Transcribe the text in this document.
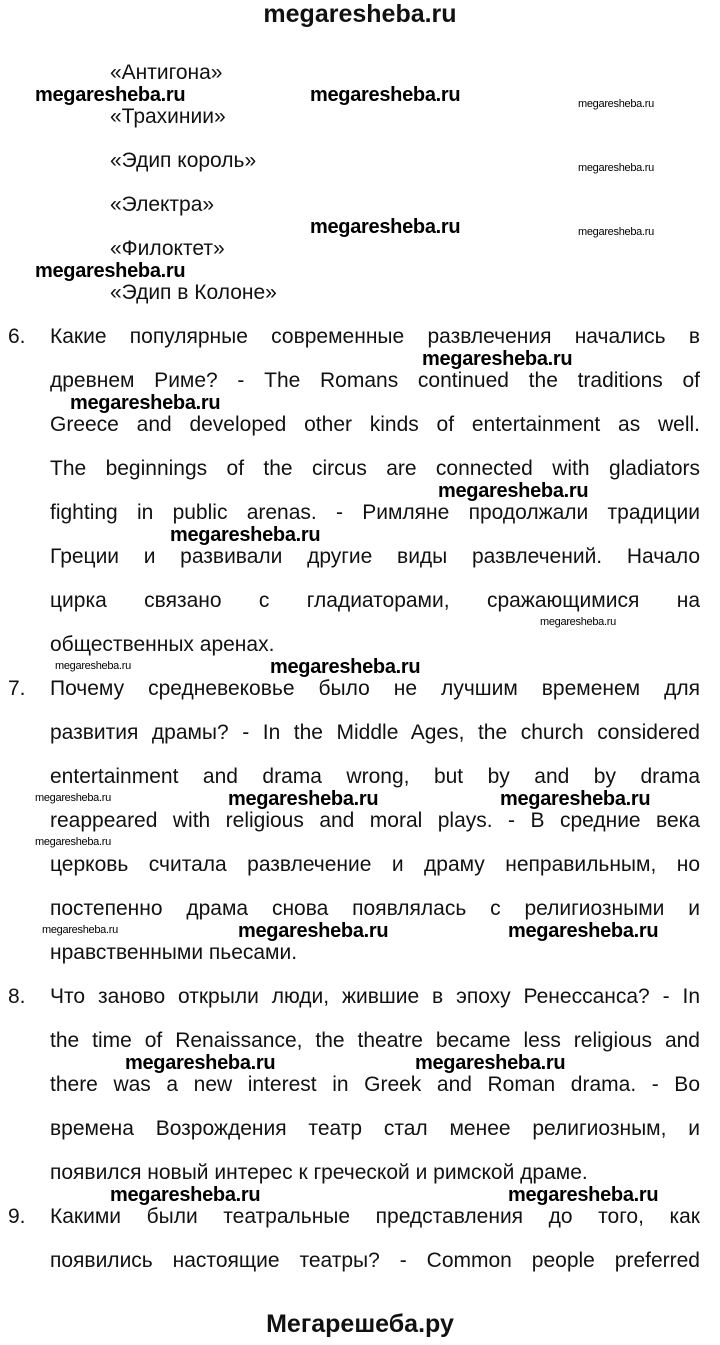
megaresheba.ru
«Антигона»
«Трахинии»
«Эдип король»
«Электра»
«Филоктет»
«Эдип в Колоне»
6. Какие популярные современные развлечения начались в
древнем Риме? - The Romans continued the traditions of
Greece and developed other kinds of entertainment as well.
The beginnings of the circus are connected with gladiators
fighting in public arenas. - Римляне продолжали традиции
Греции и развивали другие виды развлечений. Начало
цирка связано с гладиаторами, сражающимися на
общественных аренах.
7. Почему средневековье было не лучшим временем для
развития драмы? - In the Middle Ages, the church considered
entertainment and drama wrong, but by and by drama
reappeared with religious and moral plays. - В средние века
церковь считала развлечение и драму неправильным, но
постепенно драма снова появлялась с религиозными и
нравственными пьесами.
8. Что заново открыли люди, жившие в эпоху Ренессанса? - In
the time of Renaissance, the theatre became less religious and
there was a new interest in Greek and Roman drama. - Во
времена Возрождения театр стал менее религиозным, и
появился новый интерес к греческой и римской драме.
9. Какими были театральные представления до того, как
появились настоящие театры? - Common people preferred
megaresheba.ru	megaresheba.ru	megaresheba.ru
megaresheba.ru
megaresheba.ru	megaresheba.ru
megaresheba.ru
megaresheba.ru
megaresheba.ru
megaresheba.ru
megaresheba.ru
megaresheba.ru
megaresheba.ru	megaresheba.ru
megaresheba.ru	megaresheba.ru	megaresheba.ru
megaresheba.ru
megaresheba.ru	megaresheba.ru	megaresheba.ru
megaresheba.ru	megaresheba.ru
megaresheba.ru	megaresheba.ru
Мегарешеба.ру
